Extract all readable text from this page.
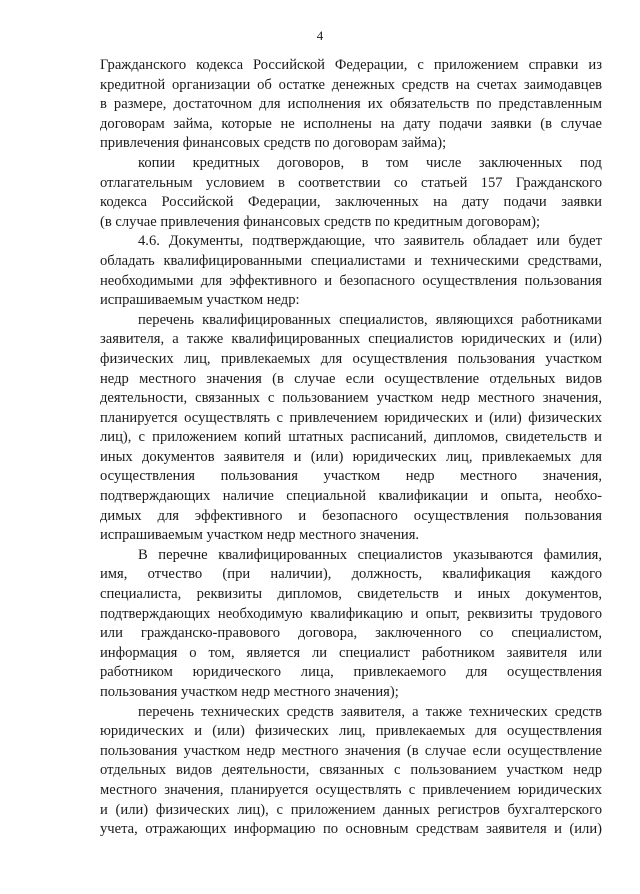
4
Гражданского кодекса Российской Федерации, с приложением справки из
кредитной организации об остатке денежных средств на счетах заимодавцев
в размере, достаточном для исполнения их обязательств по представленным
договорам займа, которые не исполнены на дату подачи заявки (в случае
привлечения финансовых средств по договорам займа);
копии кредитных договоров, в том числе заключенных под
отлагательным условием в соответствии со статьей 157 Гражданского
кодекса Российской Федерации, заключенных на дату подачи заявки
(в случае привлечения финансовых средств по кредитным договорам);
4.6. Документы, подтверждающие, что заявитель обладает или будет
обладать квалифицированными специалистами и техническими средствами,
необходимыми для эффективного и безопасного осуществления пользования
испрашиваемым участком недр:
перечень квалифицированных специалистов, являющихся работниками
заявителя, а также квалифицированных специалистов юридических и (или)
физических лиц, привлекаемых для осуществления пользования участком
недр местного значения (в случае если осуществление отдельных видов
деятельности, связанных с пользованием участком недр местного значения,
планируется осуществлять с привлечением юридических и (или) физических
лиц), с приложением копий штатных расписаний, дипломов, свидетельств и
иных документов заявителя и (или) юридических лиц, привлекаемых для
осуществления пользования участком недр местного значения,
подтверждающих наличие специальной квалификации и опыта, необхо-
димых для эффективного и безопасного осуществления пользования
испрашиваемым участком недр местного значения.
В перечне квалифицированных специалистов указываются фамилия,
имя, отчество (при наличии), должность, квалификация каждого
специалиста, реквизиты дипломов, свидетельств и иных документов,
подтверждающих необходимую квалификацию и опыт, реквизиты трудового
или гражданско-правового договора, заключенного со специалистом,
информация о том, является ли специалист работником заявителя или
работником юридического лица, привлекаемого для осуществления
пользования участком недр местного значения);
перечень технических средств заявителя, а также технических средств
юридических и (или) физических лиц, привлекаемых для осуществления
пользования участком недр местного значения (в случае если осуществление
отдельных видов деятельности, связанных с пользованием участком недр
местного значения, планируется осуществлять с привлечением юридических
и (или) физических лиц), с приложением данных регистров бухгалтерского
учета, отражающих информацию по основным средствам заявителя и (или)
